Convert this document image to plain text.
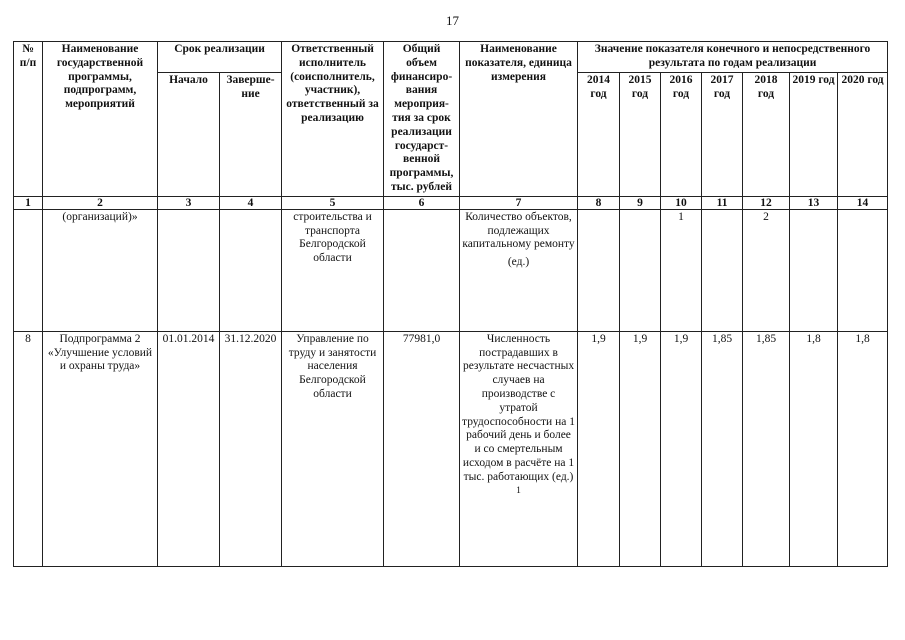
17
№ п/п	Наименование государственной программы, подпрограмм, мероприятий	Срок реализации		Ответственный исполнитель (соисполнитель, участник), ответственный за реализацию	Общий объем финансиро-вания мероприя-тия за срок реализации государст-венной программы, тыс. рублей	Наименование показателя, единица измерения	Значение показателя конечного и непосредственного результата по годам реализации						
		Начало	Заверше-ние				2014 год	2015 год	2016 год	2017 год	2018 год	2019 год	2020 год
1	2	3	4	5	6	7	8	9	10	11	12	13	14
	(организаций)»			строительства и транспорта Белгородской области		Количество объектов, подлежащих капитальному ремонту (ед.)			1		2		
8	Подпрограмма 2 «Улучшение условий и охраны труда»	01.01.2014	31.12.2020	Управление по труду и занятости населения Белгородской области	77981,0	Численность пострадавших в результате несчастных случаев на производстве с утратой трудоспособности на 1 рабочий день и более и со смертельным исходом в расчёте на 1 тыс. работающих (ед.) $^1$	1,9	1,9	1,9	1,85	1,85	1,8	1,8
